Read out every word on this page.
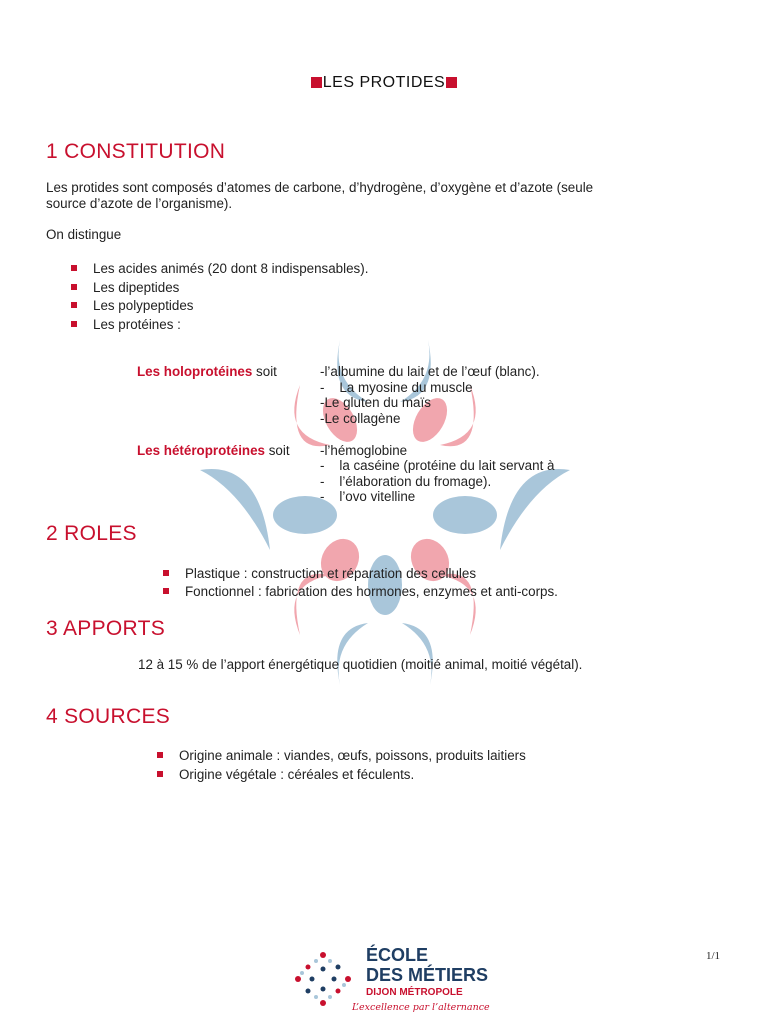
LES PROTIDES
1 CONSTITUTION
Les protides sont composés d’atomes de carbone, d’hydrogène, d’oxygène et d’azote (seule
source d’azote de l’organisme).
On distingue
Les acides animés (20 dont 8 indispensables).
Les dipeptides
Les polypeptides
Les protéines :
Les holoprotéines soit	-l’albumine du lait et de l’œuf (blanc).
-    La myosine du muscle
-Le gluten du maïs
-Le collagène
Les hétéroprotéines soit -l’hémoglobine
-    la caséine (protéine du lait servant à
-    l’élaboration du fromage).
-    l’ovo vitelline
2 ROLES
Plastique : construction et réparation des cellules
Fonctionnel : fabrication des hormones, enzymes et anti-corps.
3 APPORTS
12 à 15 % de l’apport énergétique quotidien (moitié animal, moitié végétal).
4 SOURCES
Origine animale : viandes, œufs, poissons, produits laitiers
Origine végétale : céréales et féculents.
1/1
ÉCOLE
DES MÉTIERS
DIJON MÉTROPOLE
L’excellence par l’alternance
